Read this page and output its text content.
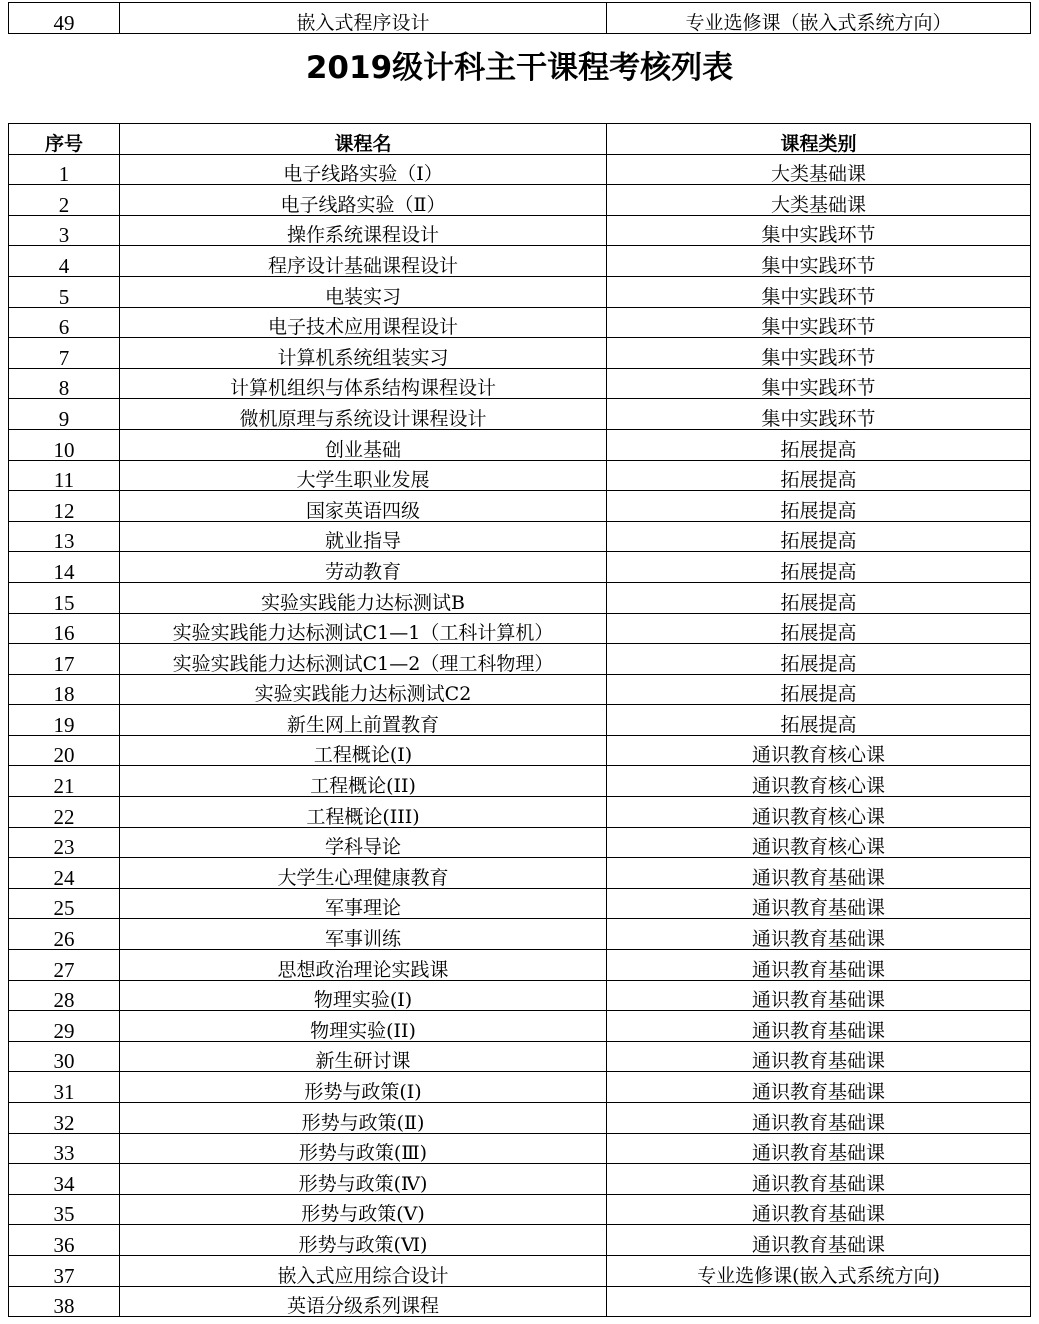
49	嵌入式程序设计	专业选修课（嵌入式系统方向）
2019级计科主干课程考核列表
序号	课程名	课程类别
1	电子线路实验（Ⅰ）	大类基础课
2	电子线路实验（Ⅱ）	大类基础课
3	操作系统课程设计	集中实践环节
4	程序设计基础课程设计	集中实践环节
5	电装实习	集中实践环节
6	电子技术应用课程设计	集中实践环节
7	计算机系统组装实习	集中实践环节
8	计算机组织与体系结构课程设计	集中实践环节
9	微机原理与系统设计课程设计	集中实践环节
10	创业基础	拓展提高
11	大学生职业发展	拓展提高
12	国家英语四级	拓展提高
13	就业指导	拓展提高
14	劳动教育	拓展提高
15	实验实践能力达标测试B	拓展提高
16	实验实践能力达标测试C1—1（工科计算机）	拓展提高
17	实验实践能力达标测试C1—2（理工科物理）	拓展提高
18	实验实践能力达标测试C2	拓展提高
19	新生网上前置教育	拓展提高
20	工程概论(I)	通识教育核心课
21	工程概论(II)	通识教育核心课
22	工程概论(III)	通识教育核心课
23	学科导论	通识教育核心课
24	大学生心理健康教育	通识教育基础课
25	军事理论	通识教育基础课
26	军事训练	通识教育基础课
27	思想政治理论实践课	通识教育基础课
28	物理实验(Ⅰ)	通识教育基础课
29	物理实验(II)	通识教育基础课
30	新生研讨课	通识教育基础课
31	形势与政策(Ⅰ)	通识教育基础课
32	形势与政策(Ⅱ)	通识教育基础课
33	形势与政策(Ⅲ)	通识教育基础课
34	形势与政策(Ⅳ)	通识教育基础课
35	形势与政策(Ⅴ)	通识教育基础课
36	形势与政策(Ⅵ)	通识教育基础课
37	嵌入式应用综合设计	专业选修课(嵌入式系统方向)
38	英语分级系列课程	
